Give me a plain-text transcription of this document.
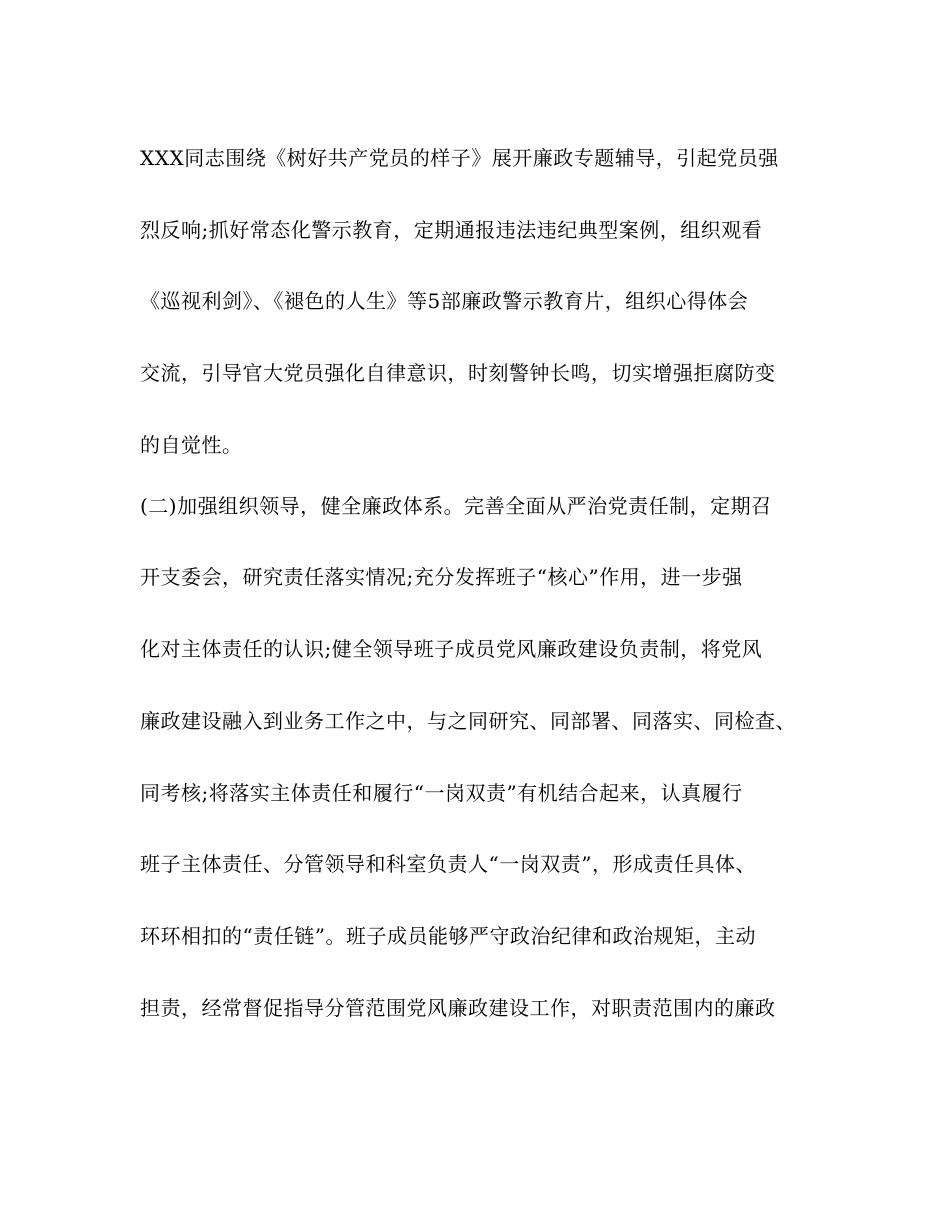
XXX同志围绕《树好共产党员的样子》展开廉政专题辅导，引起党员强
烈反响;抓好常态化警示教育，定期通报违法违纪典型案例，组织观看
《巡视利剑》、《褪色的人生》等5部廉政警示教育片，组织心得体会
交流，引导官大党员强化自律意识，时刻警钟长鸣，切实增强拒腐防变
的自觉性。
(二)加强组织领导，健全廉政体系。完善全面从严治党责任制，定期召
开支委会，研究责任落实情况;充分发挥班子“核心”作用，进一步强
化对主体责任的认识;健全领导班子成员党风廉政建设负责制，将党风
廉政建设融入到业务工作之中，与之同研究、同部署、同落实、同检查、
同考核;将落实主体责任和履行“一岗双责”有机结合起来，认真履行
班子主体责任、分管领导和科室负责人“一岗双责”，形成责任具体、
环环相扣的“责任链”。班子成员能够严守政治纪律和政治规矩，主动
担责，经常督促指导分管范围党风廉政建设工作，对职责范围内的廉政
